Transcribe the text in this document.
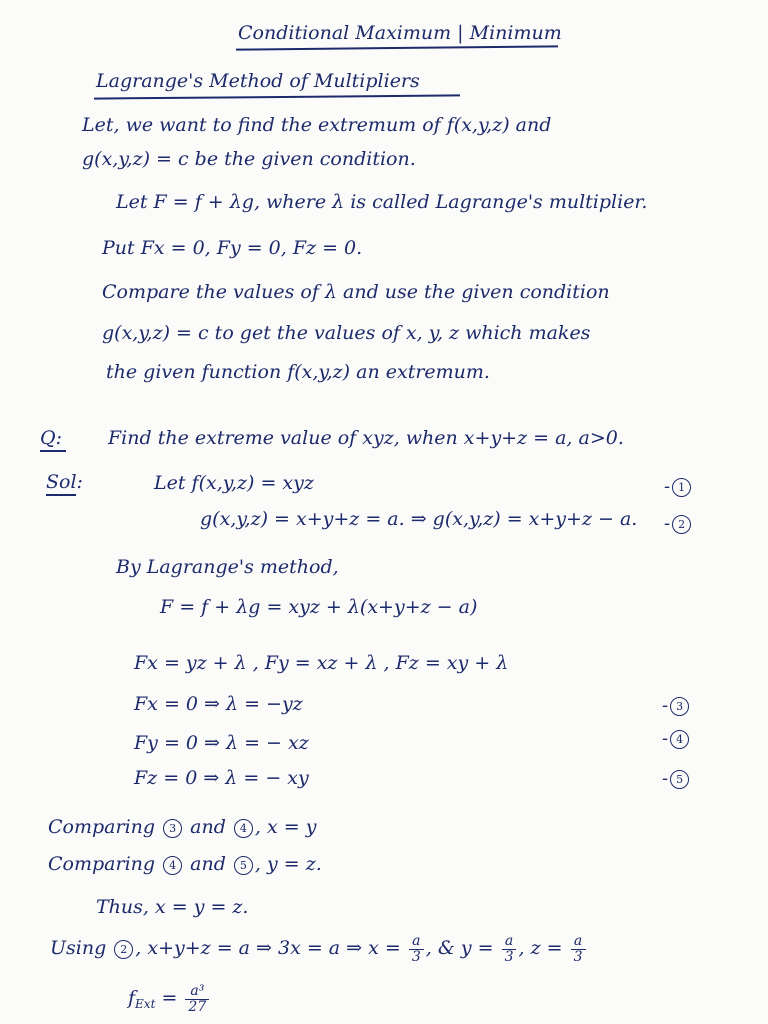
Conditional Maximum | Minimum
Lagrange's Method of Multipliers
Let, we want to find the extremum of f(x,y,z) and
g(x,y,z) = c be the given condition.
Let F = f + λg, where λ is called Lagrange's multiplier.
Put Fx = 0, Fy = 0, Fz = 0.
Compare the values of λ and use the given condition
g(x,y,z) = c to get the values of x, y, z which makes
the given function f(x,y,z) an extremum.
Q: Find the extreme value of xyz, when x+y+z = a, a>0.
Sol:	Let f(x,y,z) = xyz	- 1
g(x,y,z) = x+y+z = a. ⇒ g(x,y,z) = x+y+z − a. - 2
By Lagrange's method,
F = f + λg = xyz + λ(x+y+z − a)
Fx = yz + λ , Fy = xz + λ , Fz = xy + λ
Fx = 0 ⇒ λ = −yz	- 3
Fy = 0 ⇒ λ = − xz	- 4
Fz = 0 ⇒ λ = − xy	- 5
Comparing 3 and 4 , x = y
Comparing 4 and 5 , y = z.
Thus, x = y = z.
Using 2 , x+y+z = a ⇒ 3x = a ⇒ $x = \frac{a}{3}$ , & $y = \frac{a}{3}$ , $z = \frac{a}{3}$
$f_{Ext} = \frac{\text{a³}}{27}$
